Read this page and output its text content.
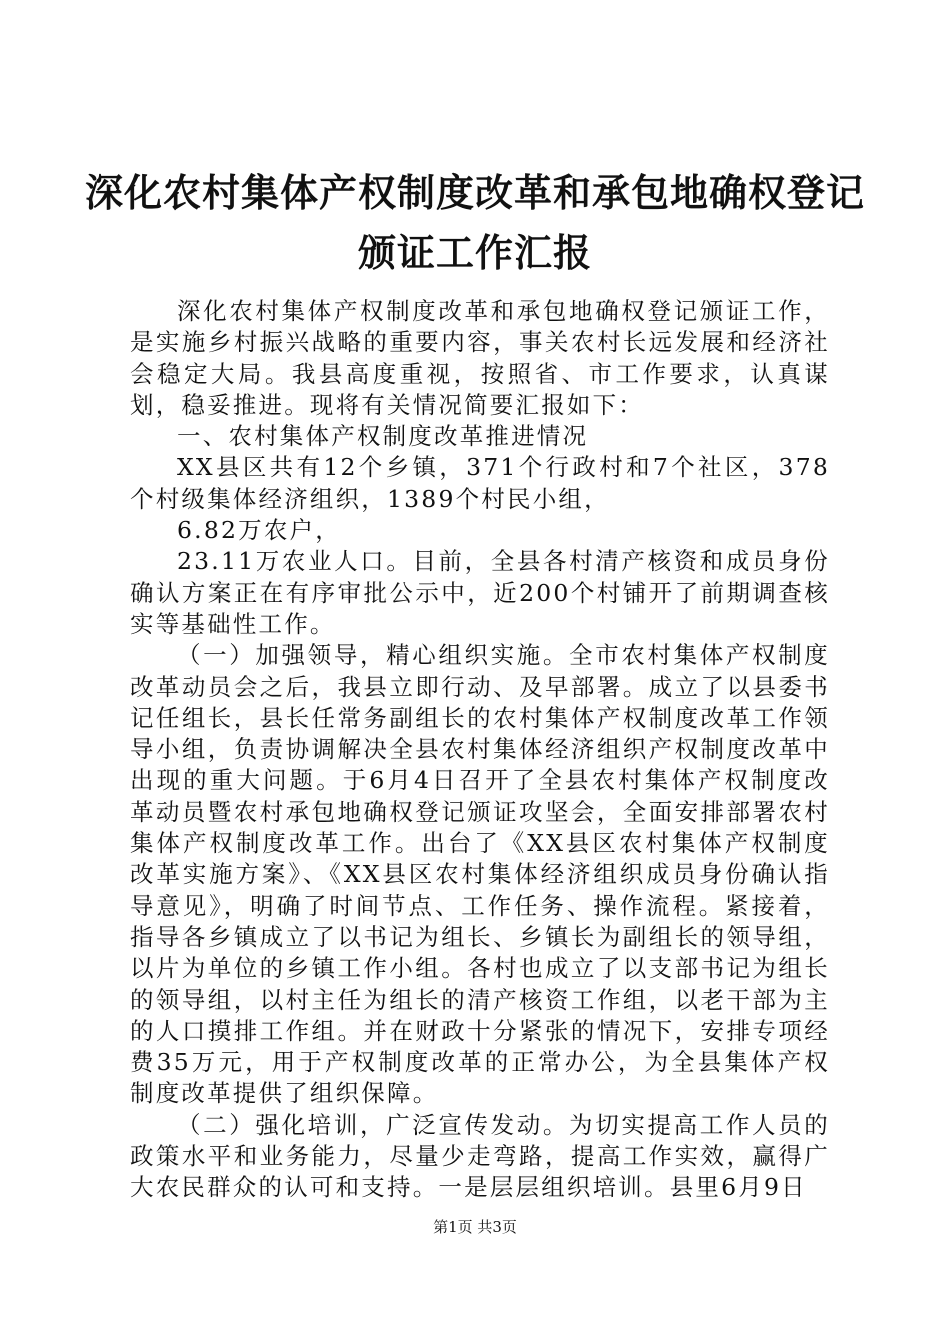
深化农村集体产权制度改革和承包地确权登记
颁证工作汇报

深化农村集体产权制度改革和承包地确权登记颁证工作，是实施乡村振兴战略的重要内容，事关农村长远发展和经济社会稳定大局。我县高度重视，按照省、市工作要求，认真谋划，稳妥推进。现将有关情况简要汇报如下：

一、农村集体产权制度改革推进情况

XX县区共有12个乡镇，371个行政村和7个社区，378个村级集体经济组织，1389个村民小组，

6.82万农户，

23.11万农业人口。目前，全县各村清产核资和成员身份确认方案正在有序审批公示中，近200个村铺开了前期调查核实等基础性工作。

（一）加强领导，精心组织实施。全市农村集体产权制度改革动员会之后，我县立即行动、及早部署。成立了以县委书记任组长，县长任常务副组长的农村集体产权制度改革工作领导小组，负责协调解决全县农村集体经济组织产权制度改革中出现的重大问题。于6月4日召开了全县农村集体产权制度改革动员暨农村承包地确权登记颁证攻坚会，全面安排部署农村集体产权制度改革工作。出台了《XX县区农村集体产权制度改革实施方案》、《XX县区农村集体经济组织成员身份确认指导意见》，明确了时间节点、工作任务、操作流程。紧接着，指导各乡镇成立了以书记为组长、乡镇长为副组长的领导组，以片为单位的乡镇工作小组。各村也成立了以支部书记为组长的领导组，以村主任为组长的清产核资工作组，以老干部为主的人口摸排工作组。并在财政十分紧张的情况下，安排专项经费35万元，用于产权制度改革的正常办公，为全县集体产权制度改革提供了组织保障。

（二）强化培训，广泛宣传发动。为切实提高工作人员的政策水平和业务能力，尽量少走弯路，提高工作实效，赢得广大农民群众的认可和支持。一是层层组织培训。县里6月9日

第1页 共3页
